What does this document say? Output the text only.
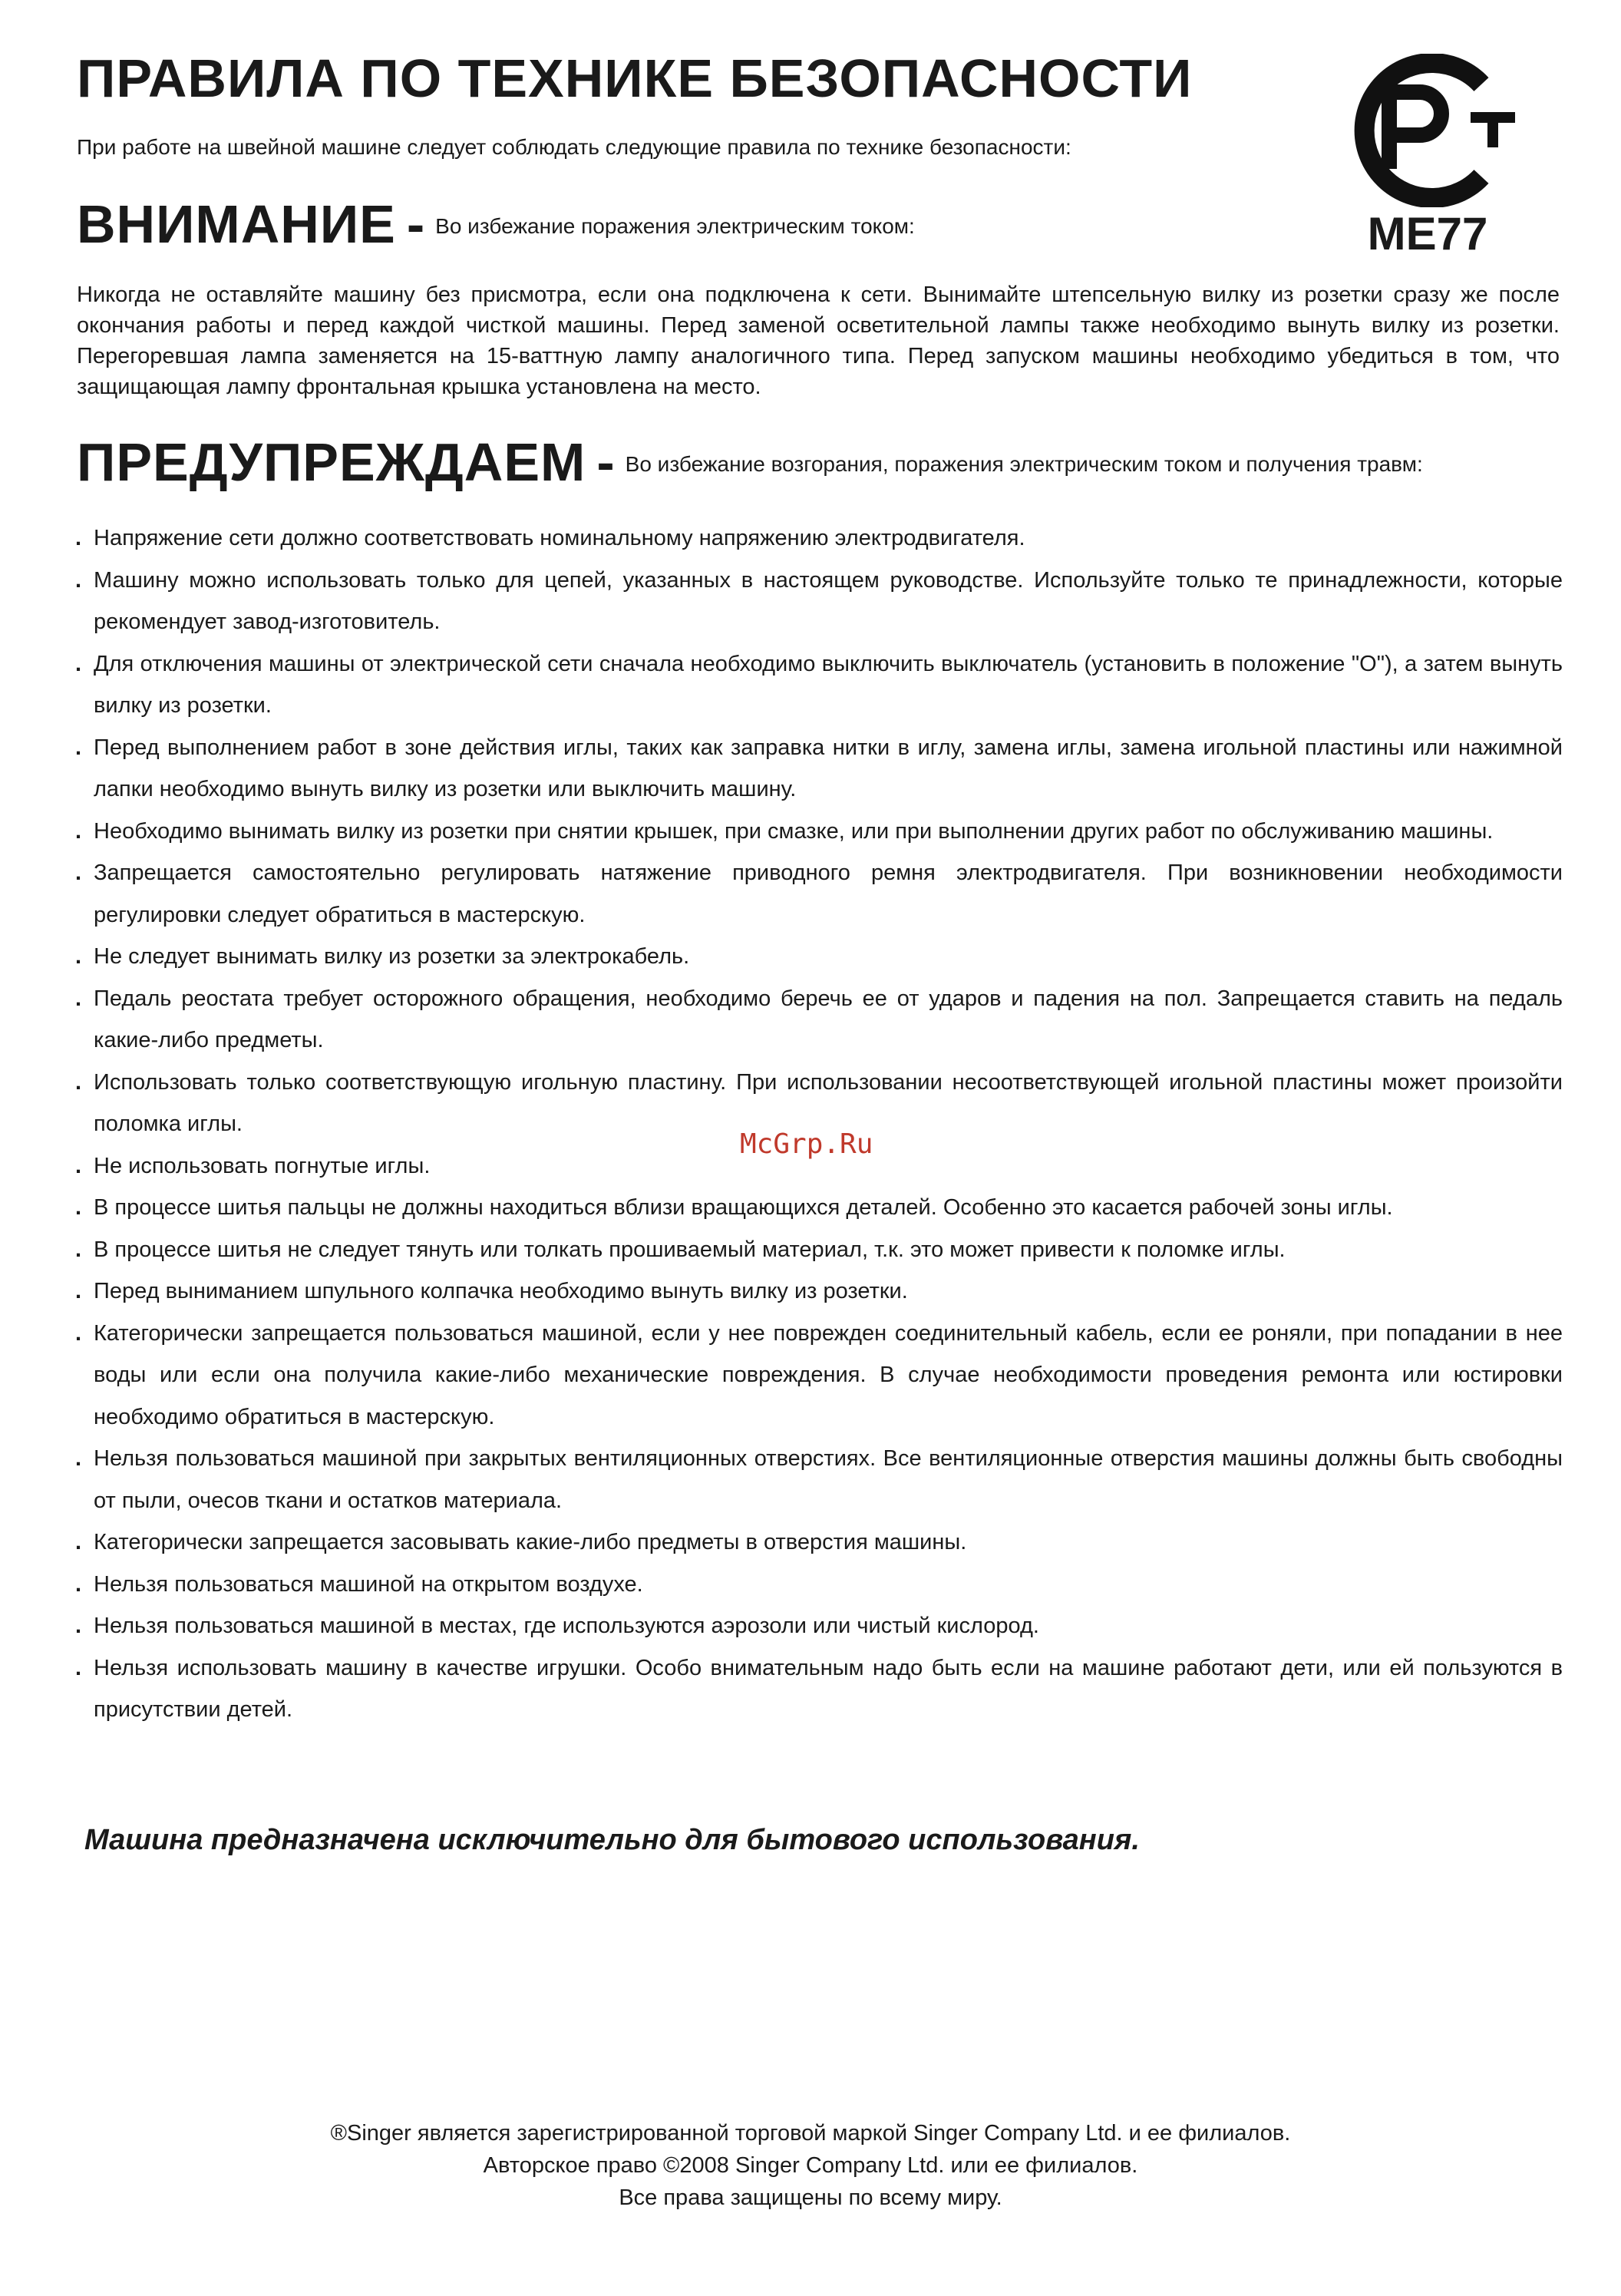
ПРАВИЛА ПО ТЕХНИКЕ БЕЗОПАСНОСТИ

При работе на швейной машине следует соблюдать следующие правила по технике безопасности:

ME77
ВНИМАНИЕ - Во избежание поражения электрическим током:

Никогда не оставляйте машину без присмотра, если она подключена к сети. Вынимайте штепсельную вилку из розетки сразу же после окончания работы и перед каждой чисткой машины. Перед заменой осветительной лампы также необходимо вынуть вилку из розетки. Перегоревшая лампа заменяется на 15-ваттную лампу аналогичного типа. Перед запуском машины необходимо убедиться в том, что защищающая лампу фронтальная крышка установлена на место.

ПРЕДУПРЕЖДАЕМ - Во избежание возгорания, поражения электрическим током и получения травм:
. Напряжение сети должно соответствовать номинальному напряжению электродвигателя.
. Машину можно использовать только для цепей, указанных в настоящем руководстве. Используйте только те принадлежности, которые рекомендует завод-изготовитель.
. Для отключения машины от электрической сети сначала необходимо выключить выключатель (установить в положение "О"), а затем вынуть вилку из розетки.
. Перед выполнением работ в зоне действия иглы, таких как заправка нитки в иглу, замена иглы, замена игольной пластины или нажимной лапки необходимо вынуть вилку из розетки или выключить машину.
. Необходимо вынимать вилку из розетки при снятии крышек, при смазке, или при выполнении других работ по обслуживанию машины.
. Запрещается самостоятельно регулировать натяжение приводного ремня электродвигателя. При возникновении необходимости регулировки следует обратиться в мастерскую.
. Не следует вынимать вилку из розетки за электрокабель.
. Педаль реостата требует осторожного обращения, необходимо беречь ее от ударов и падения на пол. Запрещается ставить на педаль какие-либо предметы.
. Использовать только соответствующую игольную пластину. При использовании несоответствующей игольной пластины может произойти поломка иглы.
. Не использовать погнутые иглы.
. В процессе шитья пальцы не должны находиться вблизи вращающихся деталей. Особенно это касается рабочей зоны иглы.
. В процессе шитья не следует тянуть или толкать прошиваемый материал, т.к. это может привести к поломке иглы.
. Перед выниманием шпульного колпачка необходимо вынуть вилку из розетки.
. Категорически запрещается пользоваться машиной, если у нее поврежден соединительный кабель, если ее роняли, при попадании в нее воды или если она получила какие-либо механические повреждения. В случае необходимости проведения ремонта или юстировки необходимо обратиться в мастерскую.
. Нельзя пользоваться машиной при закрытых вентиляционных отверстиях. Все вентиляционные отверстия машины должны быть свободны от пыли, очесов ткани и остатков материала.
. Категорически запрещается засовывать какие-либо предметы в отверстия машины.
. Нельзя пользоваться машиной на открытом воздухе.
. Нельзя пользоваться машиной в местах, где используются аэрозоли или чистый кислород.
. Нельзя использовать машину в качестве игрушки. Особо внимательным надо быть если на машине работают дети, или ей пользуются в присутствии детей.

Машина предназначена исключительно для бытового использования.

®Singer является зарегистрированной торговой маркой Singer Company Ltd. и ее филиалов.
Авторское право ©2008 Singer Company Ltd. или ее филиалов.
Все права защищены по всему миру.
McGrp.Ru
